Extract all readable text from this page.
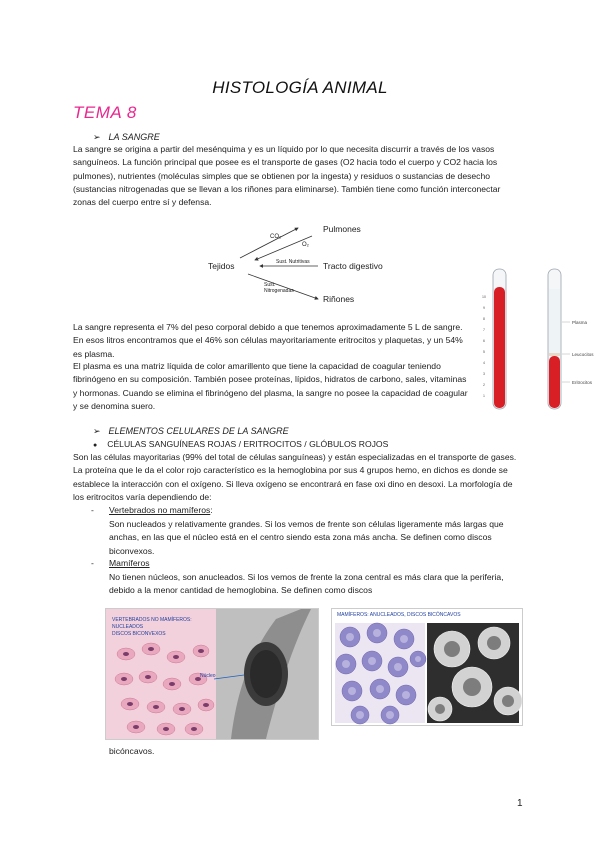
HISTOLOGÍA ANIMAL
TEMA 8
➢ LA SANGRE

La sangre se origina a partir del mesénquima y es un líquido por lo que necesita discurrir a través de los vasos sanguíneos. La función principal que posee es el transporte de gases (O2 hacia todo el cuerpo y CO2 hacia los pulmones), nutrientes (moléculas simples que se obtienen por la ingesta) y residuos o sustancias de desecho (sustancias nitrogenadas que se llevan a los riñones para eliminarse). También tiene como función interconectar zonas del cuerpo entre sí y defensa.

CO₂
O₂
Sust. Nutritivas
Sust.
Nitrogenadas
Tejidos
Pulmones
Tracto digestivo
Riñones	10
9
8
7
6
5
4
3
2
1
Plasma
Leucocitos
Eritrocitos

La sangre representa el 7% del peso corporal debido a que tenemos aproximadamente 5 L de sangre. En esos litros encontramos que el 46% son células mayoritariamente eritrocitos y plaquetas, y un 54% es plasma.

El plasma es una matriz líquida de color amarillento que tiene la capacidad de coagular teniendo fibrinógeno en su composición. También posee proteínas, lípidos, hidratos de carbono, sales, vitaminas y hormonas. Cuando se elimina el fibrinógeno del plasma, la sangre no posee la capacidad de coagular y se denomina suero.

➢ ELEMENTOS CELULARES DE LA SANGRE
● CÉLULAS SANGUÍNEAS ROJAS / ERITROCITOS / GLÓBULOS ROJOS

Son las células mayoritarias (99% del total de células sanguíneas) y están especializadas en el transporte de gases. La proteína que le da el color rojo característico es la hemoglobina por sus 4 grupos hemo, en dichos es donde se establece la interacción con el oxígeno. Si lleva oxígeno se encontrará en fase oxi dino en desoxi. La morfología de los eritrocitos varía dependiendo de:

- Vertebrados no mamíferos:

Son nucleados y relativamente grandes. Si los vemos de frente son células ligeramente más largas que anchas, en las que el núcleo está en el centro siendo esta zona más ancha. Se definen como discos biconvexos.

- Mamíferos

No tienen núcleos, son anucleados. Si los vemos de frente la zona central es más clara que la periferia, debido a la menor cantidad de hemoglobina. Se definen como discos

VERTEBRADOS NO MAMÍFEROS:
NUCLEADOS
DISCOS BICONVEXOS
Núcleo
MAMÍFEROS: ANUCLEADOS, DISCOS BICÓNCAVOS

bicóncavos.

1
